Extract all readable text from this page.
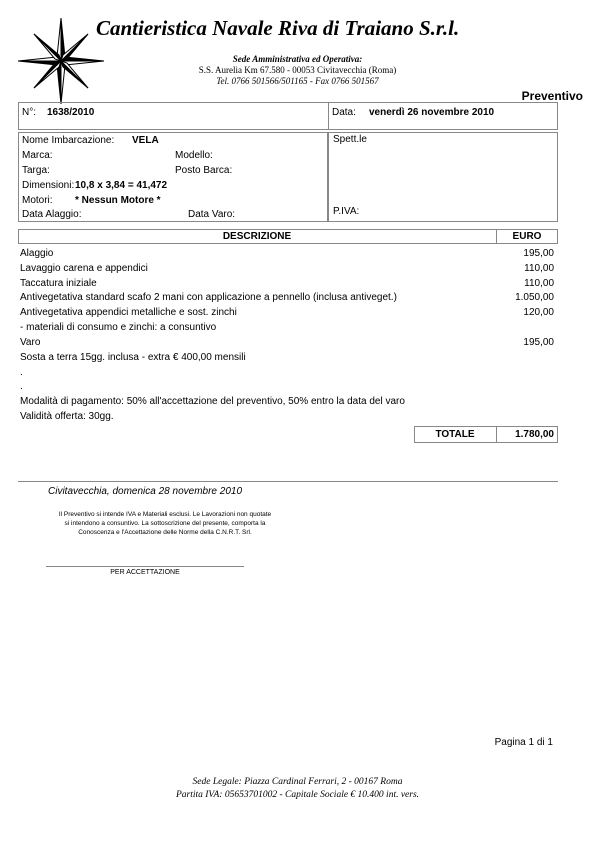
Cantieristica Navale Riva di Traiano S.r.l.
Sede Amministrativa ed Operativa:
S.S. Aurelia Km 67.580 - 00053 Civitavecchia (Roma)
Tel. 0766 501566/501165 - Fax 0766 501567
Preventivo
N°: 1638/2010	Data: venerdì 26 novembre 2010
Nome Imbarcazione: VELA
Marca:	Modello:
Targa:	Posto Barca:
Dimensioni: 10,8 x 3,84 = 41,472
Motori: * Nessun Motore *
Data Alaggio:	Data Varo:
Spett.le
P.IVA:
DESCRIZIONE	EURO
Alaggio	195,00
Lavaggio carena e appendici	110,00
Taccatura iniziale	110,00
Antivegetativa standard scafo 2 mani con applicazione a pennello (inclusa antiveget.)	1.050,00
Antivegetativa appendici metalliche e sost. zinchi	120,00
- materiali di consumo e zinchi: a consuntivo
Varo	195,00
Sosta a terra 15gg. inclusa - extra € 400,00 mensili
.
.
Modalità di pagamento: 50% all'accettazione del preventivo, 50% entro la data del varo
Validità offerta: 30gg.
TOTALE	1.780,00
Civitavecchia, domenica 28 novembre 2010
Il Preventivo si intende IVA e Materiali esclusi. Le Lavorazioni non quotate
si intendono a consuntivo. La sottoscrizione del presente, comporta la
Conoscenza e l'Accettazione delle Norme della C.N.R.T. Srl.
PER ACCETTAZIONE
Pagina 1 di 1
Sede Legale: Piazza Cardinal Ferrari, 2 - 00167 Roma
Partita IVA: 05653701002 - Capitale Sociale € 10.400 int. vers.
